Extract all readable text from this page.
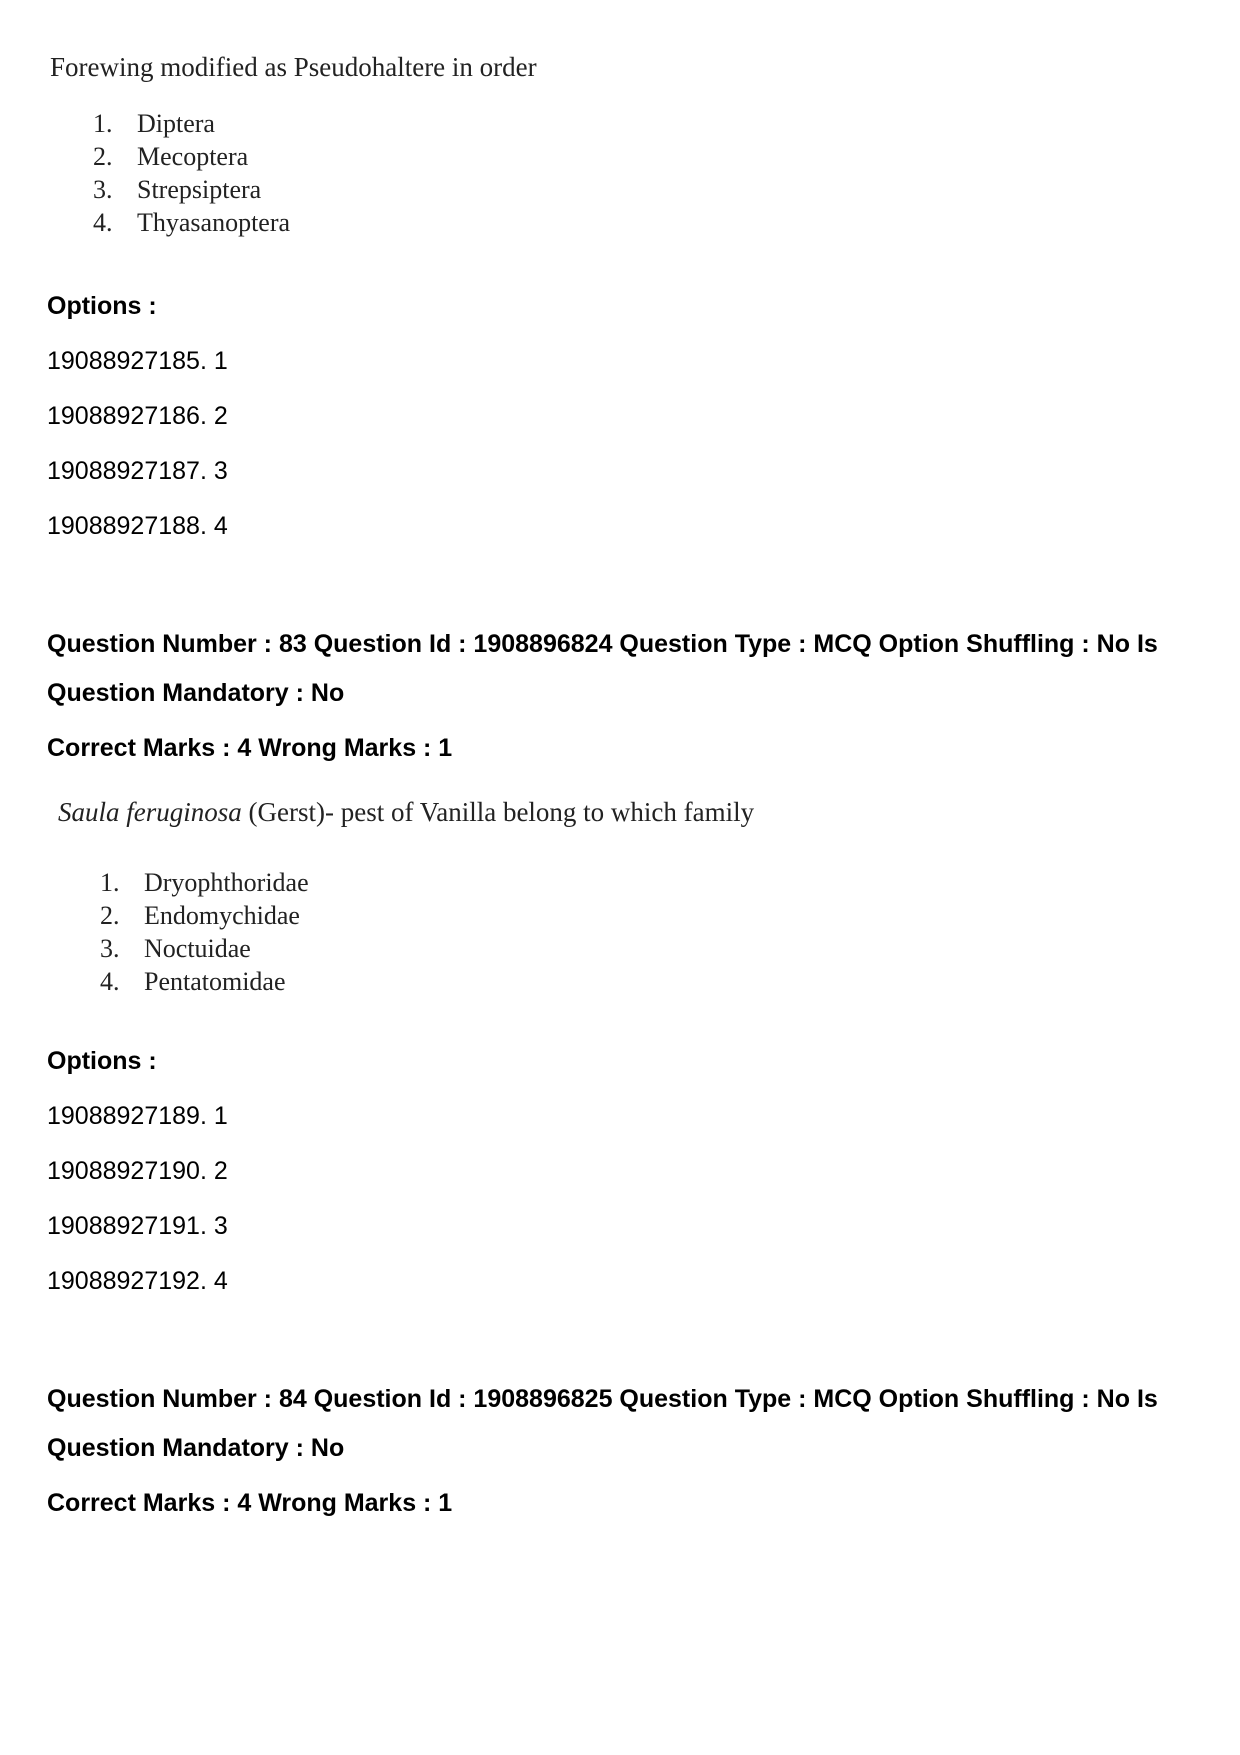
Forewing modified as Pseudohaltere in order
1. Diptera
2. Mecoptera
3. Strepsiptera
4. Thyasanoptera
Options :
19088927185. 1
19088927186. 2
19088927187. 3
19088927188. 4
Question Number : 83 Question Id : 1908896824 Question Type : MCQ Option Shuffling : No Is
Question Mandatory : No
Correct Marks : 4 Wrong Marks : 1
Saula feruginosa (Gerst)- pest of Vanilla belong to which family
1. Dryophthoridae
2. Endomychidae
3. Noctuidae
4. Pentatomidae
Options :
19088927189. 1
19088927190. 2
19088927191. 3
19088927192. 4
Question Number : 84 Question Id : 1908896825 Question Type : MCQ Option Shuffling : No Is
Question Mandatory : No
Correct Marks : 4 Wrong Marks : 1
